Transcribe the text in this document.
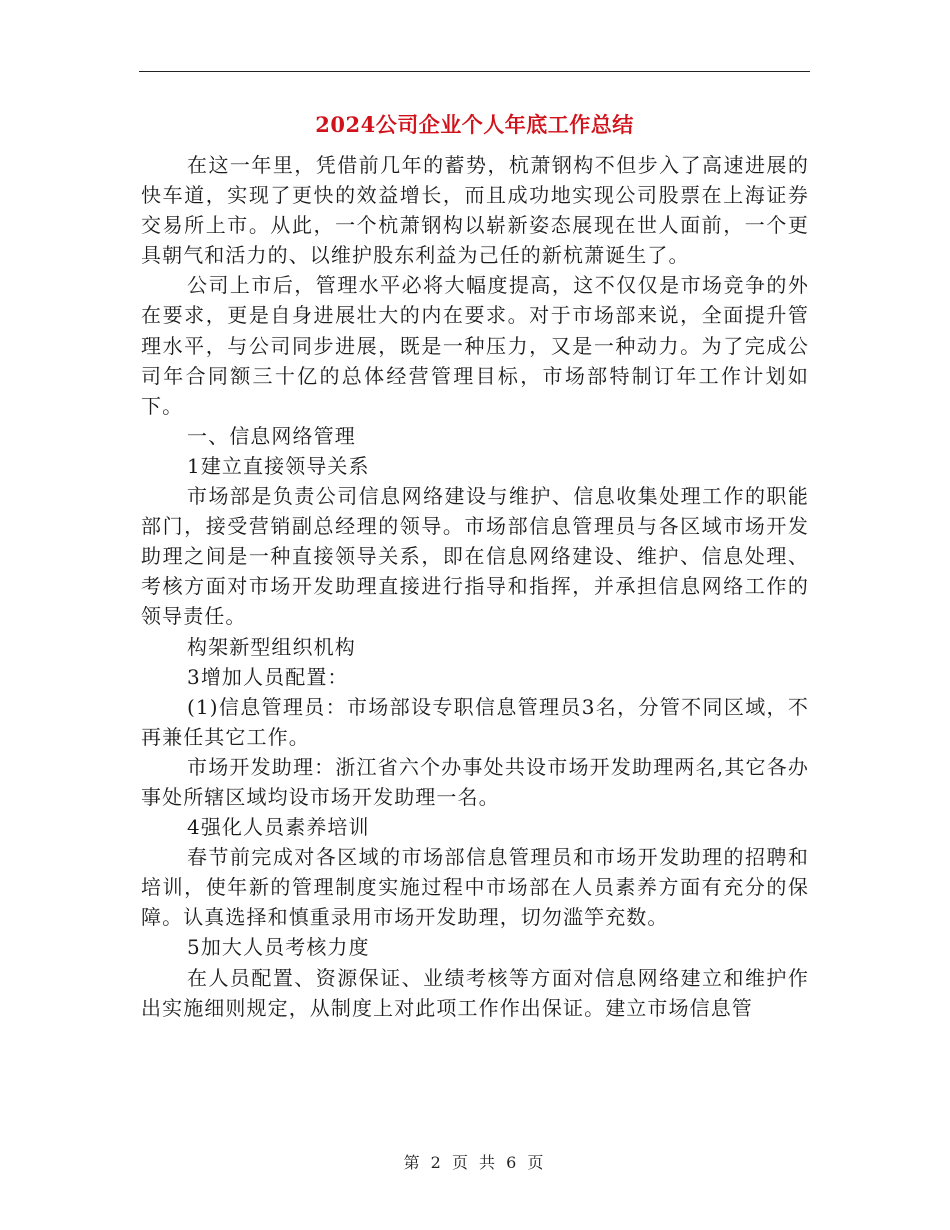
2024公司企业个人年底工作总结

在这一年里，凭借前几年的蓄势，杭萧钢构不但步入了高速进展的快车道，实现了更快的效益增长，而且成功地实现公司股票在上海证券交易所上市。从此，一个杭萧钢构以崭新姿态展现在世人面前，一个更具朝气和活力的、以维护股东利益为己任的新杭萧诞生了。

公司上市后，管理水平必将大幅度提高，这不仅仅是市场竞争的外在要求，更是自身进展壮大的内在要求。对于市场部来说，全面提升管理水平，与公司同步进展，既是一种压力，又是一种动力。为了完成公司年合同额三十亿的总体经营管理目标，市场部特制订年工作计划如下。

一、信息网络管理

1建立直接领导关系

市场部是负责公司信息网络建设与维护、信息收集处理工作的职能部门，接受营销副总经理的领导。市场部信息管理员与各区域市场开发助理之间是一种直接领导关系，即在信息网络建设、维护、信息处理、考核方面对市场开发助理直接进行指导和指挥，并承担信息网络工作的领导责任。

构架新型组织机构

3增加人员配置：

(1)信息管理员：市场部设专职信息管理员3名，分管不同区域，不再兼任其它工作。

市场开发助理：浙江省六个办事处共设市场开发助理两名,其它各办事处所辖区域均设市场开发助理一名。

4强化人员素养培训

春节前完成对各区域的市场部信息管理员和市场开发助理的招聘和培训，使年新的管理制度实施过程中市场部在人员素养方面有充分的保障。认真选择和慎重录用市场开发助理，切勿滥竽充数。

5加大人员考核力度

在人员配置、资源保证、业绩考核等方面对信息网络建立和维护作出实施细则规定，从制度上对此项工作作出保证。建立市场信息管

第 2 页 共 6 页
